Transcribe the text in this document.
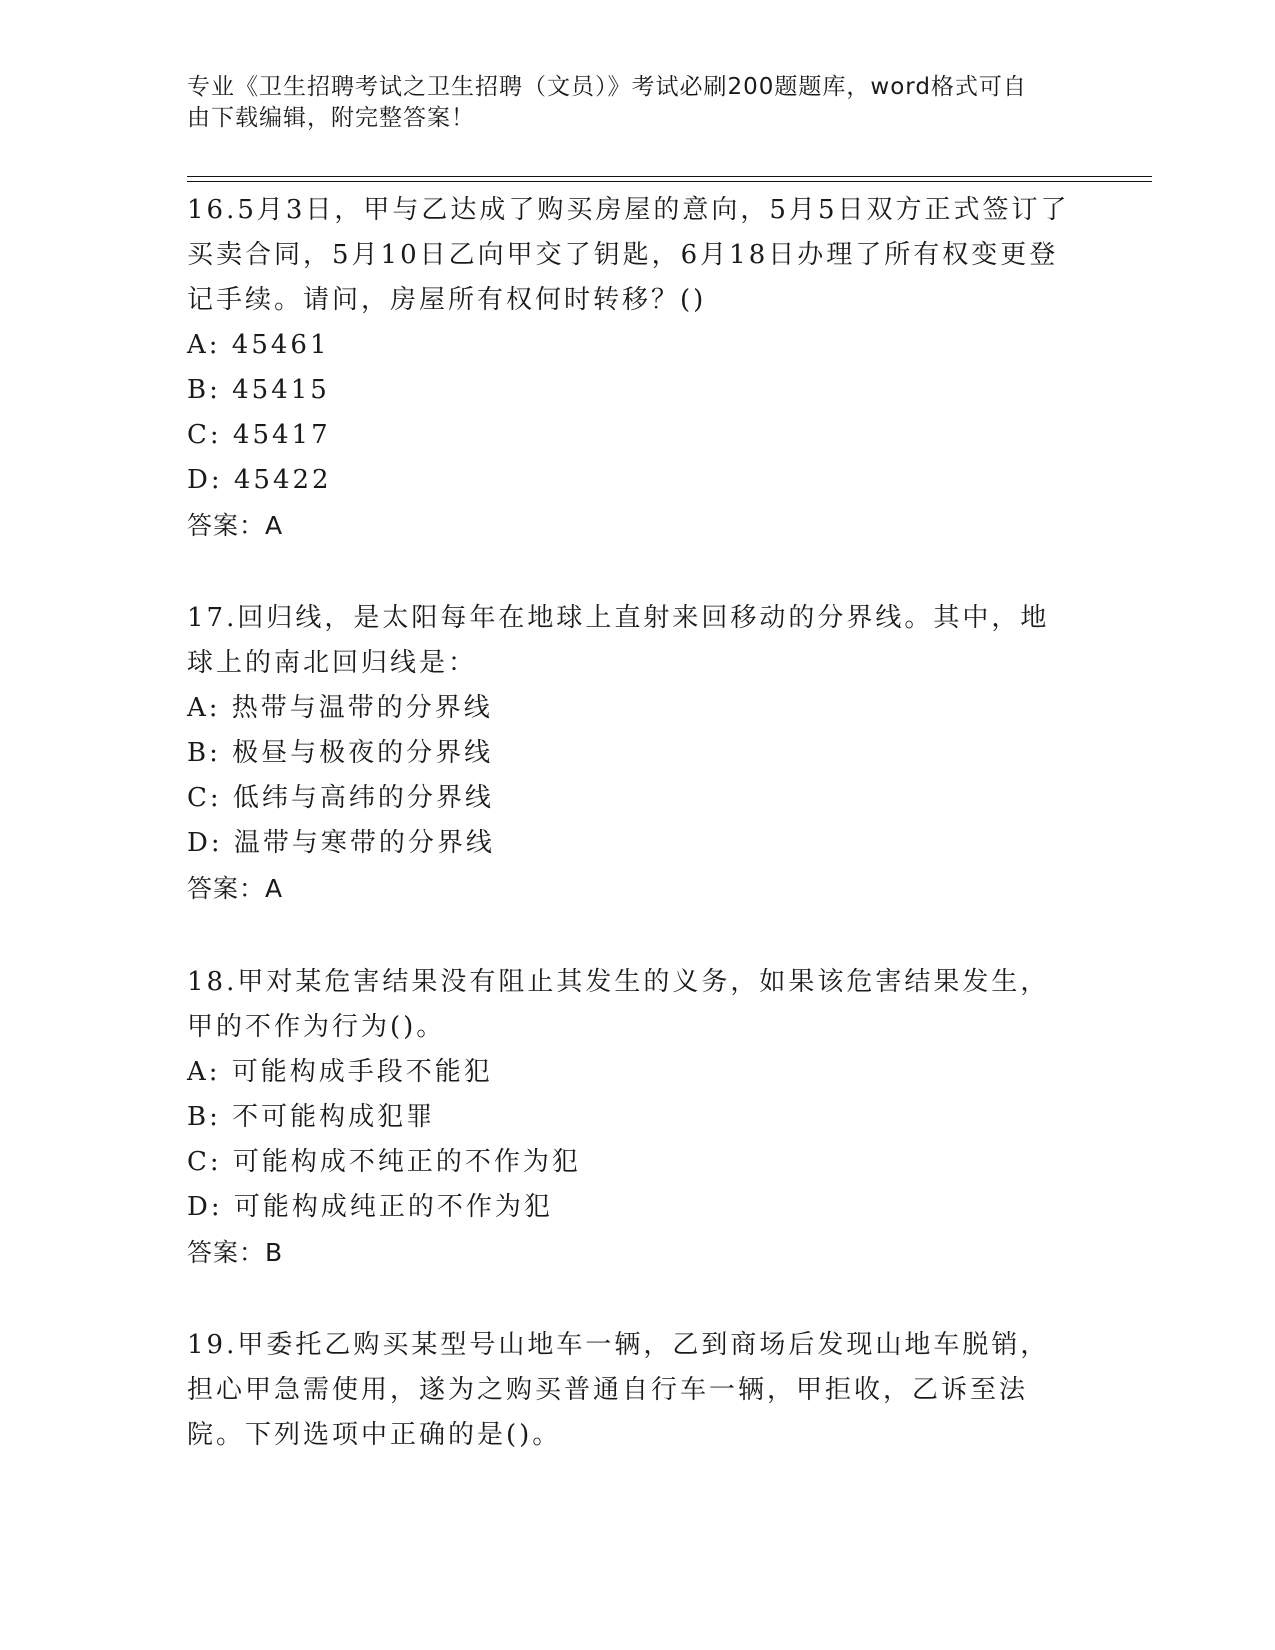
专业《卫生招聘考试之卫生招聘（文员）》考试必刷200题题库，word格式可自
由下载编辑，附完整答案！

16.5月3日，甲与乙达成了购买房屋的意向，5月5日双方正式签订了买卖合同，5月10日乙向甲交了钥匙，6月18日办理了所有权变更登记手续。请问，房屋所有权何时转移？()

A: 45461

B: 45415

C: 45417

D: 45422

答案：A

17.回归线，是太阳每年在地球上直射来回移动的分界线。其中，地球上的南北回归线是：

A: 热带与温带的分界线

B: 极昼与极夜的分界线

C: 低纬与高纬的分界线

D: 温带与寒带的分界线

答案：A

18.甲对某危害结果没有阻止其发生的义务，如果该危害结果发生，甲的不作为行为()。

A: 可能构成手段不能犯

B: 不可能构成犯罪

C: 可能构成不纯正的不作为犯

D: 可能构成纯正的不作为犯

答案：B

19.甲委托乙购买某型号山地车一辆，乙到商场后发现山地车脱销，担心甲急需使用，遂为之购买普通自行车一辆，甲拒收，乙诉至法院。下列选项中正确的是()。
